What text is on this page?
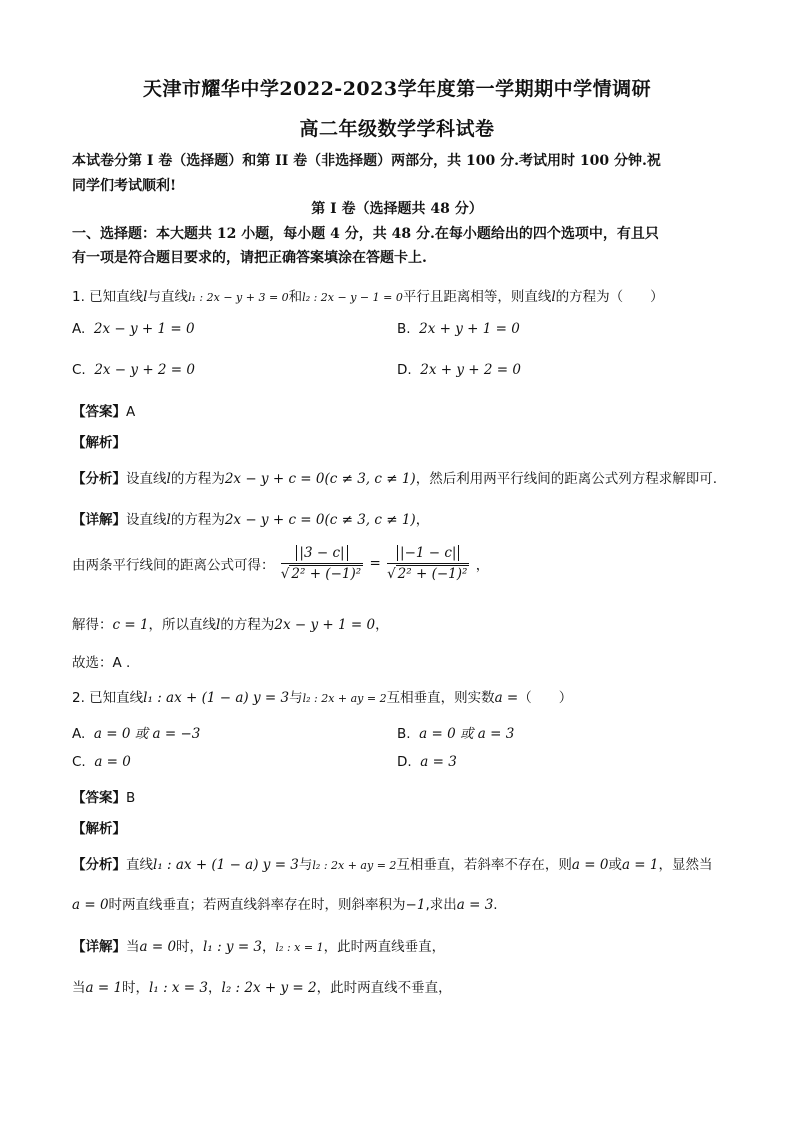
天津市耀华中学2022-2023学年度第一学期期中学情调研
高二年级数学学科试卷
本试卷分第 I 卷（选择题）和第 II 卷（非选择题）两部分，共 100 分.考试用时 100 分钟.祝
同学们考试顺利!
第 I 卷（选择题共 48 分）
一、选择题：本大题共 12 小题，每小题 4 分，共 48 分.在每小题给出的四个选项中，有且只
有一项是符合题目要求的，请把正确答案填涂在答题卡上.
1. 已知直线l与直线l₁ : 2x − y + 3 = 0和l₂ : 2x − y − 1 = 0平行且距离相等，则直线l的方程为（　　）
A. 2x − y + 1 = 0	B. 2x + y + 1 = 0
C. 2x − y + 2 = 0	D. 2x + y + 2 = 0
【答案】A
【解析】
【分析】设直线l的方程为2x − y + c = 0(c ≠ 3, c ≠ 1)，然后利用两平行线间的距离公式列方程求解即可.
【详解】设直线l的方程为2x − y + c = 0(c ≠ 3, c ≠ 1)，
由两条平行线间的距离公式可得： $\frac{|3 - c|}{\text{√ 2² + (−1)²}} = \frac{|-1 - c|}{\text{√ 2² + (−1)²}}$ ，
解得：c = 1，所以直线l的方程为2x − y + 1 = 0，
故选：A .
2. 已知直线l₁ : ax + (1 − a) y = 3与l₂ : 2x + ay = 2互相垂直，则实数a =（　　）
A. a = 0 或 a = −3	B. a = 0 或 a = 3
C. a = 0	D. a = 3
【答案】B
【解析】
【分析】直线l₁ : ax + (1 − a) y = 3与l₂ : 2x + ay = 2互相垂直，若斜率不存在，则a = 0或a = 1，显然当
a = 0时两直线垂直；若两直线斜率存在时，则斜率积为−1,求出a = 3.
【详解】当a = 0时，l₁ : y = 3，l₂ : x = 1，此时两直线垂直，
当a = 1时，l₁ : x = 3，l₂ : 2x + y = 2，此时两直线不垂直，
